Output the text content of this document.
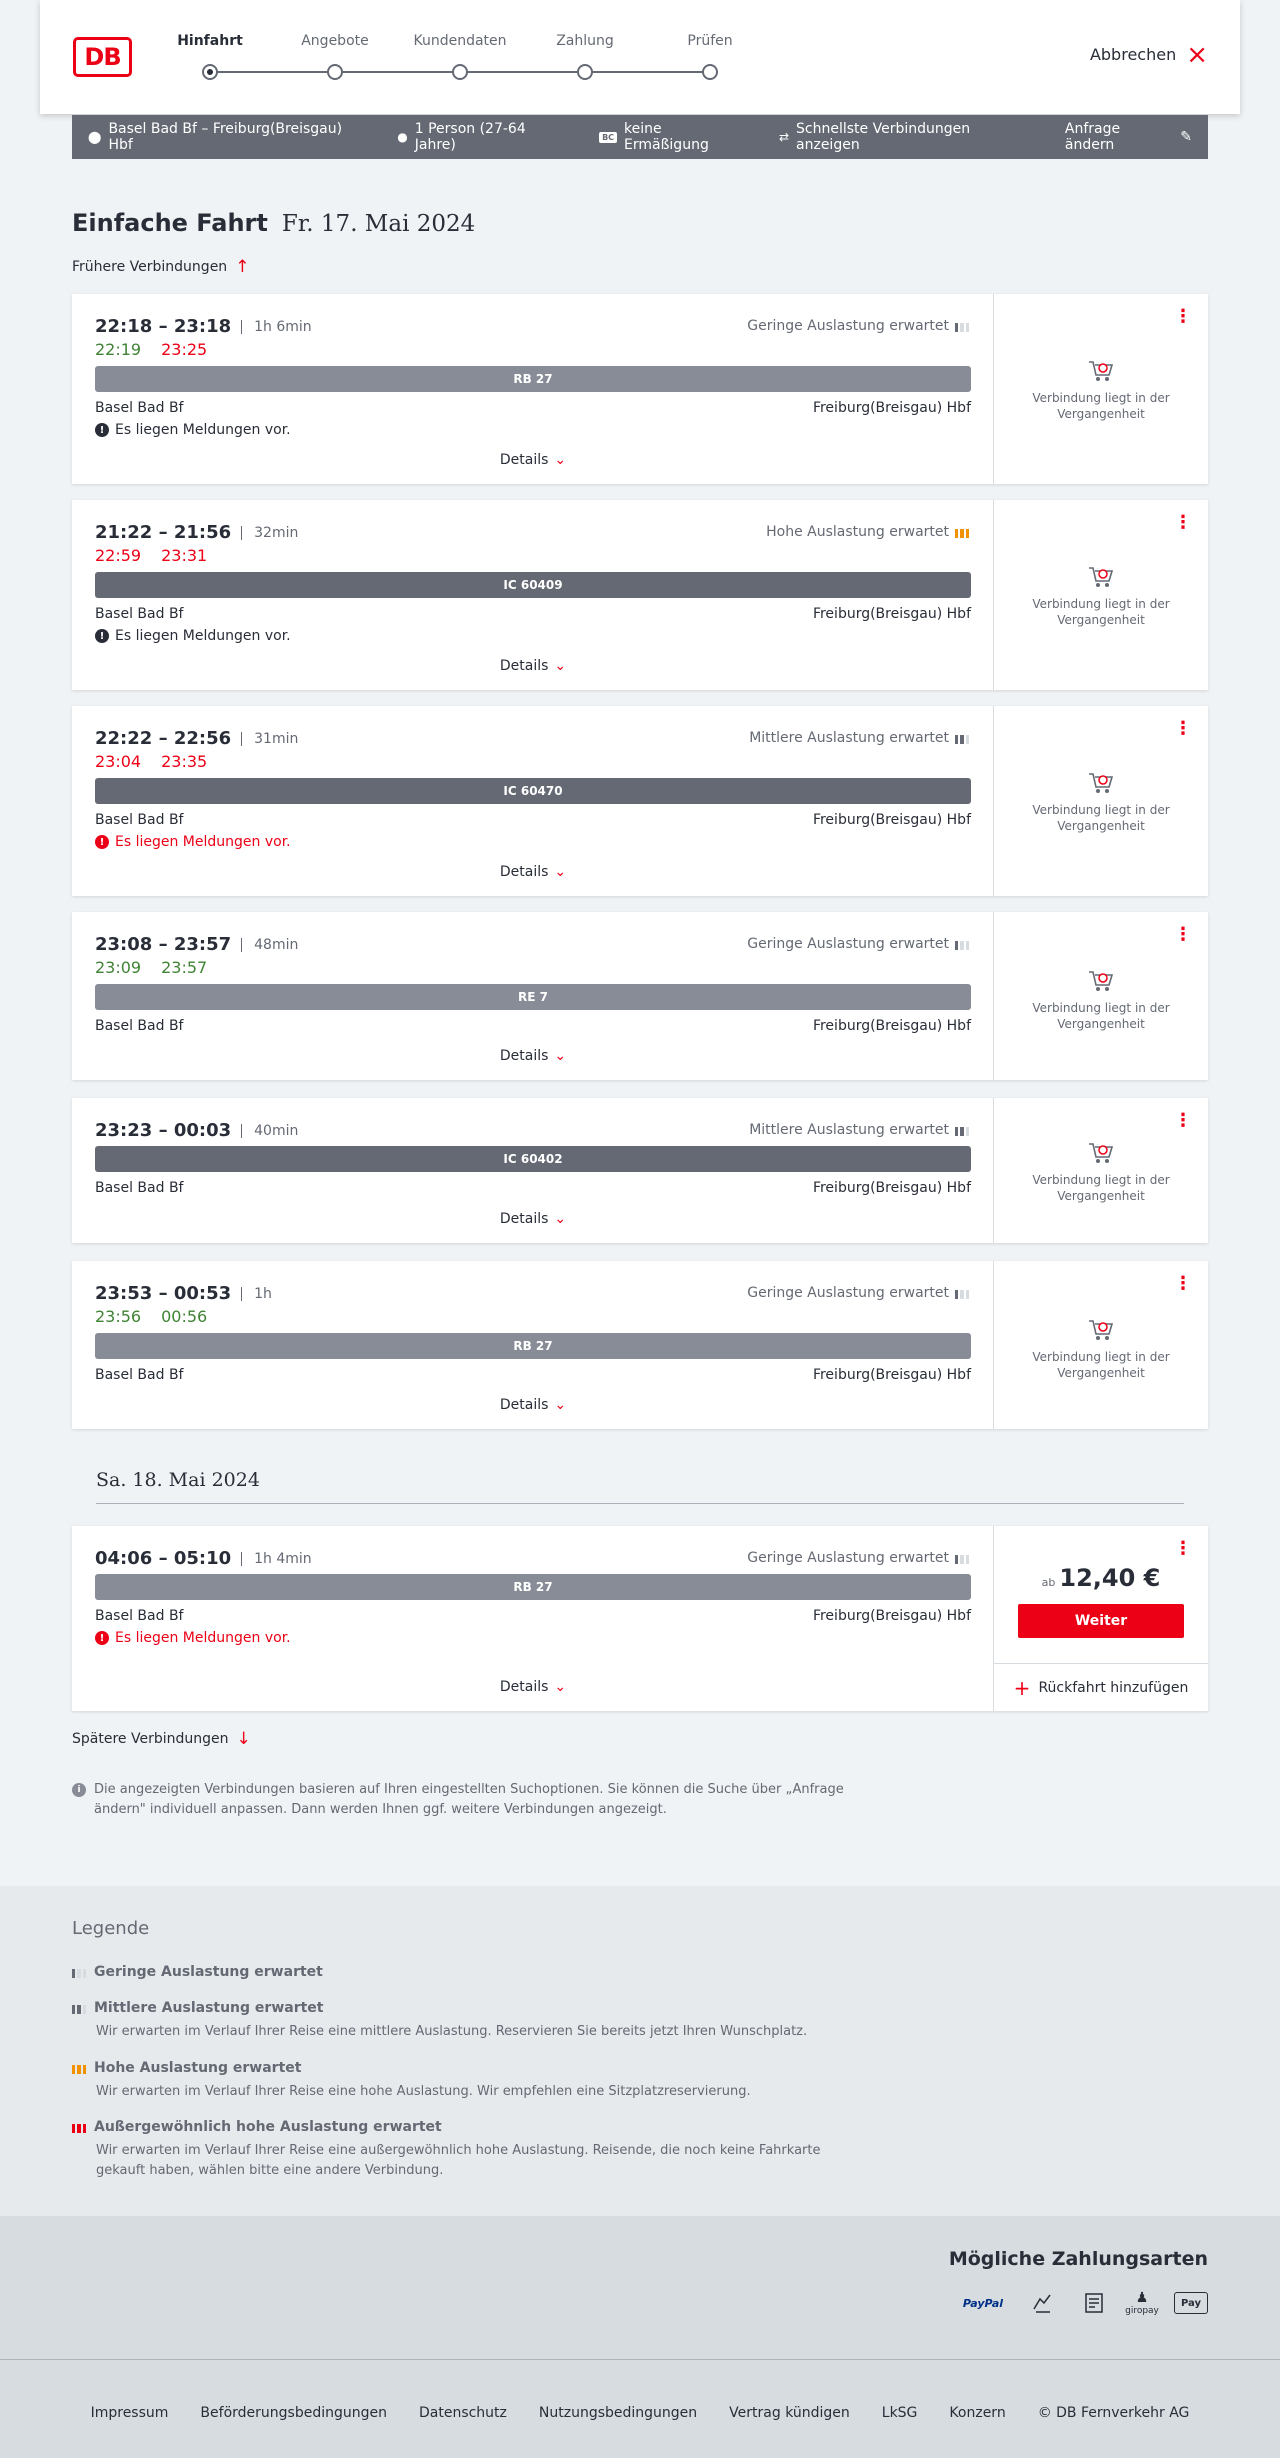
DB
Hinfahrt	Angebote	Kundendaten	Zahlung	Prüfen
Abbrechen ×
⬤ Basel Bad Bf – Freiburg(Breisgau) Hbf	● 1 Person (27-64 Jahre)	BC keine Ermäßigung	⇄ Schnellste Verbindungen anzeigen
Anfrage ändern	✎
Einfache Fahrt Fr. 17. Mai 2024
Frühere Verbindungen ↑
22:18 – 23:18	1h 6min
22:19 23:25
Geringe Auslastung erwartet
RB 27
Basel Bad Bf	Freiburg(Breisgau) Hbf
! Es liegen Meldungen vor.
Details ⌄
⋮
Verbindung liegt in der Vergangenheit
21:22 – 21:56	32min
22:59 23:31
Hohe Auslastung erwartet
IC 60409
Basel Bad Bf	Freiburg(Breisgau) Hbf
! Es liegen Meldungen vor.
Details ⌄
⋮
Verbindung liegt in der Vergangenheit
22:22 – 22:56	31min
23:04 23:35
Mittlere Auslastung erwartet
IC 60470
Basel Bad Bf	Freiburg(Breisgau) Hbf
! Es liegen Meldungen vor.
Details ⌄
⋮
Verbindung liegt in der Vergangenheit
23:08 – 23:57	48min
23:09 23:57
Geringe Auslastung erwartet
RE 7
Basel Bad Bf	Freiburg(Breisgau) Hbf
Details ⌄
⋮
Verbindung liegt in der Vergangenheit
23:23 – 00:03	40min	Mittlere Auslastung erwartet
IC 60402
Basel Bad Bf	Freiburg(Breisgau) Hbf
Details ⌄
⋮
Verbindung liegt in der Vergangenheit
23:53 – 00:53	1h
23:56 00:56
Geringe Auslastung erwartet
RB 27
Basel Bad Bf	Freiburg(Breisgau) Hbf
Details ⌄
⋮
Verbindung liegt in der Vergangenheit
Sa. 18. Mai 2024
04:06 – 05:10	1h 4min	Geringe Auslastung erwartet
RB 27
Basel Bad Bf	Freiburg(Breisgau) Hbf
! Es liegen Meldungen vor.
Details ⌄
⋮
ab 12,40 €
Weiter
+ Rückfahrt hinzufügen
Spätere Verbindungen ↓
i	Die angezeigten Verbindungen basieren auf Ihren eingestellten Suchoptionen. Sie können die Suche über „Anfrage ändern" individuell anpassen. Dann werden Ihnen ggf. weitere Verbindungen angezeigt.
Legende
Geringe Auslastung erwartet
Mittlere Auslastung erwartet
Wir erwarten im Verlauf Ihrer Reise eine mittlere Auslastung. Reservieren Sie bereits jetzt Ihren Wunschplatz.
Hohe Auslastung erwartet
Wir erwarten im Verlauf Ihrer Reise eine hohe Auslastung. Wir empfehlen eine Sitzplatzreservierung.
Außergewöhnlich hohe Auslastung erwartet
Wir erwarten im Verlauf Ihrer Reise eine außergewöhnlich hohe Auslastung. Reisende, die noch keine Fahrkarte gekauft haben, wählen bitte eine andere Verbindung.
Mögliche Zahlungsarten
PayPal	♟
giropay
Pay
Impressum Beförderungsbedingungen Datenschutz Nutzungsbedingungen Vertrag kündigen LkSG Konzern © DB Fernverkehr AG
